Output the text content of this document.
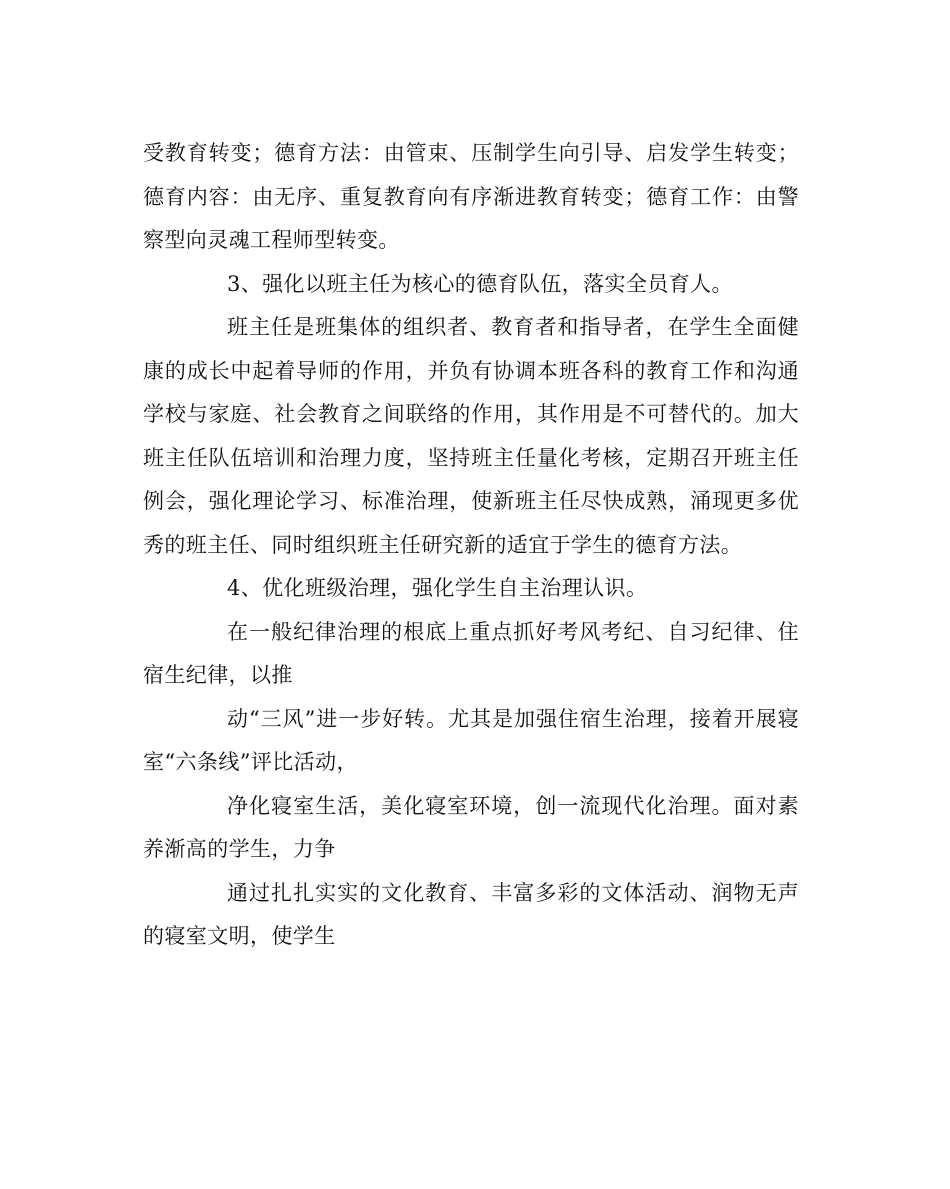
受教育转变；德育方法：由管束、压制学生向引导、启发学生转变；德育内容：由无序、重复教育向有序渐进教育转变；德育工作：由警察型向灵魂工程师型转变。

3、强化以班主任为核心的德育队伍，落实全员育人。

班主任是班集体的组织者、教育者和指导者，在学生全面健康的成长中起着导师的作用，并负有协调本班各科的教育工作和沟通学校与家庭、社会教育之间联络的作用，其作用是不可替代的。加大班主任队伍培训和治理力度，坚持班主任量化考核，定期召开班主任例会，强化理论学习、标准治理，使新班主任尽快成熟，涌现更多优秀的班主任、同时组织班主任研究新的适宜于学生的德育方法。

4、优化班级治理，强化学生自主治理认识。

在一般纪律治理的根底上重点抓好考风考纪、自习纪律、住宿生纪律，以推

动“三风”进一步好转。尤其是加强住宿生治理，接着开展寝室“六条线”评比活动，

净化寝室生活，美化寝室环境，创一流现代化治理。面对素养渐高的学生，力争

通过扎扎实实的文化教育、丰富多彩的文体活动、润物无声的寝室文明，使学生
